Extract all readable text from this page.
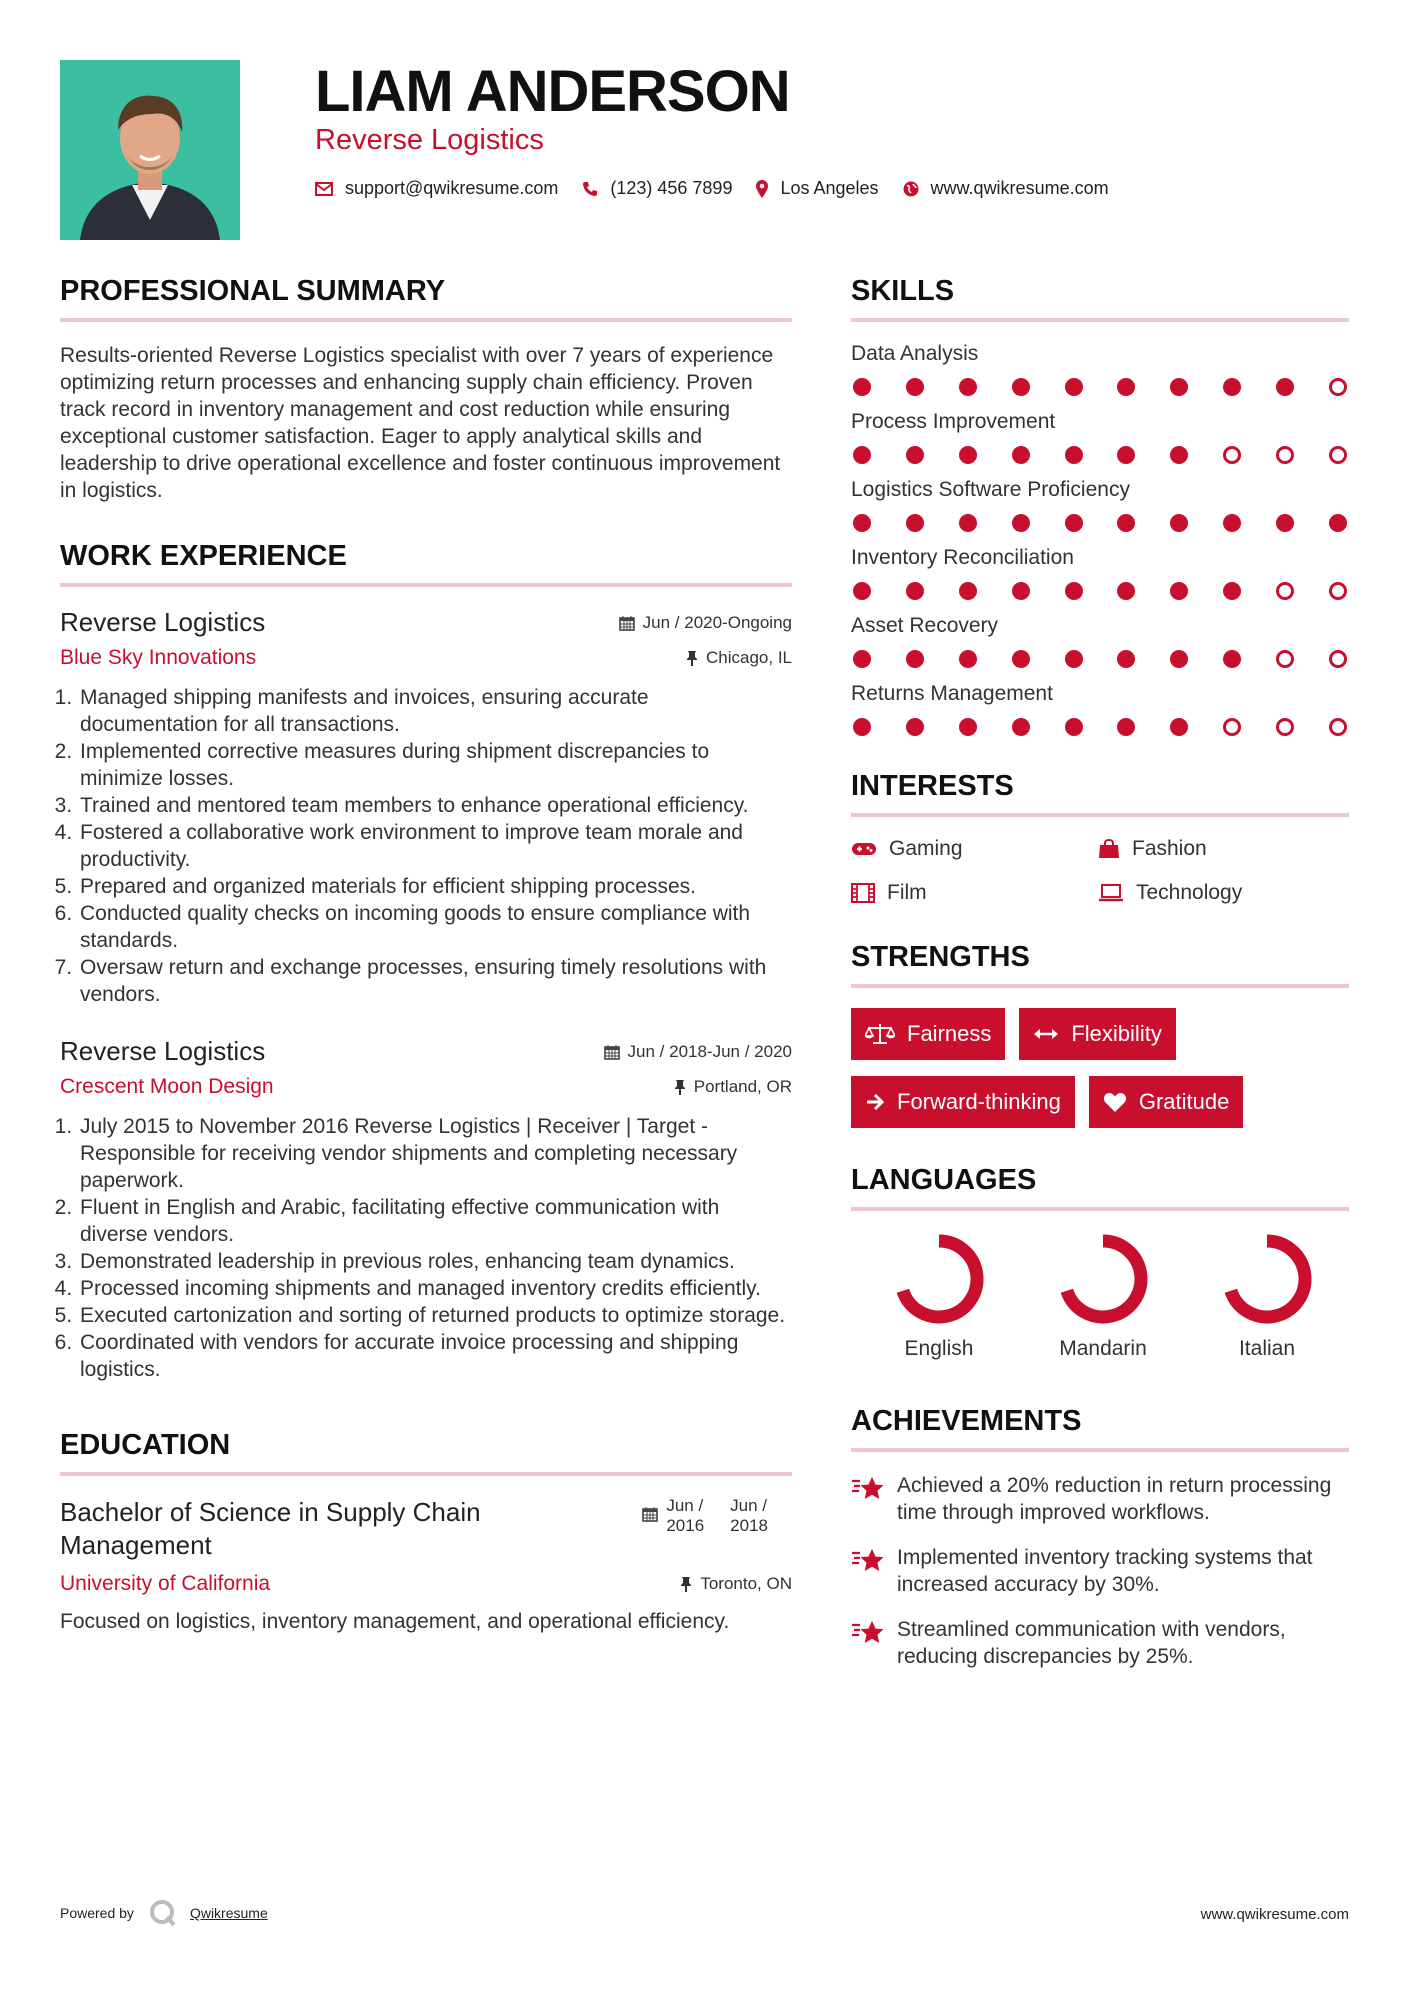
LIAM ANDERSON
Reverse Logistics
support@qwikresume.com	(123) 456 7899	Los Angeles	www.qwikresume.com
PROFESSIONAL SUMMARY

Results-oriented Reverse Logistics specialist with over 7 years of experience optimizing return processes and enhancing supply chain efficiency. Proven track record in inventory management and cost reduction while ensuring exceptional customer satisfaction. Eager to apply analytical skills and leadership to drive operational excellence and foster continuous improvement in logistics.

WORK EXPERIENCE
Reverse Logistics	Jun / 2020-Ongoing
Blue Sky Innovations	Chicago, IL
1. Managed shipping manifests and invoices, ensuring accurate documentation for all transactions.
2. Implemented corrective measures during shipment discrepancies to minimize losses.
3. Trained and mentored team members to enhance operational efficiency.
4. Fostered a collaborative work environment to improve team morale and productivity.
5. Prepared and organized materials for efficient shipping processes.
6. Conducted quality checks on incoming goods to ensure compliance with standards.
7. Oversaw return and exchange processes, ensuring timely resolutions with vendors.
Reverse Logistics	Jun / 2018-Jun / 2020
Crescent Moon Design	Portland, OR
1. July 2015 to November 2016 Reverse Logistics | Receiver | Target - Responsible for receiving vendor shipments and completing necessary paperwork.
2. Fluent in English and Arabic, facilitating effective communication with diverse vendors.
3. Demonstrated leadership in previous roles, enhancing team dynamics.
4. Processed incoming shipments and managed inventory credits efficiently.
5. Executed cartonization and sorting of returned products to optimize storage.
6. Coordinated with vendors for accurate invoice processing and shipping logistics.
EDUCATION
Bachelor of Science in Supply Chain Management
Jun /
2016
Jun /
2018
University of California	Toronto, ON

Focused on logistics, inventory management, and operational efficiency.

SKILLS
Data Analysis
Process Improvement
Logistics Software Proficiency
Inventory Reconciliation
Asset Recovery
Returns Management
INTERESTS
Gaming	Fashion
Film	Technology
STRENGTHS
Fairness	Flexibility
Forward-thinking	Gratitude
LANGUAGES
English	Mandarin	Italian
ACHIEVEMENTS
Achieved a 20% reduction in return processing time through improved workflows.
Implemented inventory tracking systems that increased accuracy by 30%.
Streamlined communication with vendors, reducing discrepancies by 25%.
Powered by	Qwikresume	www.qwikresume.com
